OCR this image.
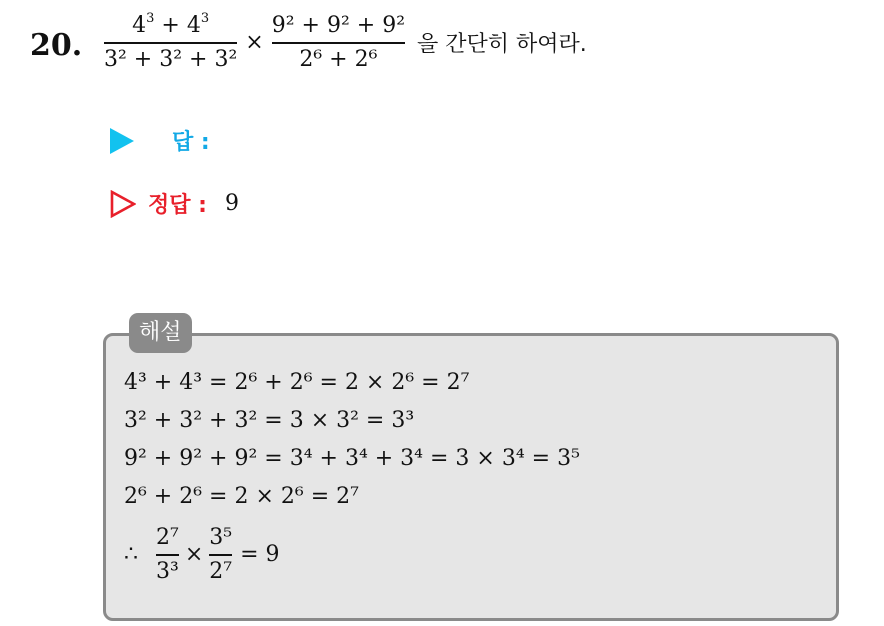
20. $\frac{4^3 + 4^3}{\text{3² + 3² + 3²}} \times \frac{\text{9² + 9² + 9²}}{\text{2⁶ + 2⁶}}$ 을 간단히 하여라.
답 :
정답 : 9
해설
4³ + 4³ = 2⁶ + 2⁶ = 2 × 2⁶ = 2⁷
3² + 3² + 3² = 3 × 3² = 3³
9² + 9² + 9² = 3⁴ + 3⁴ + 3⁴ = 3 × 3⁴ = 3⁵
2⁶ + 2⁶ = 2 × 2⁶ = 2⁷
∴ $\frac{\text{2⁷}}{\text{3³}} \times \frac{\text{3⁵}}{\text{2⁷}} = 9$
